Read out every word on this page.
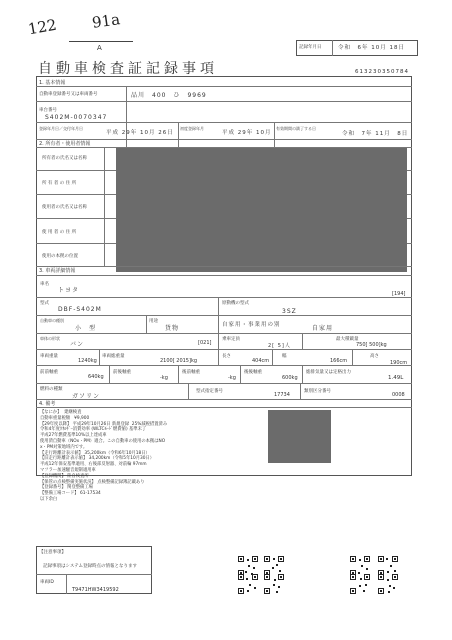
122 91a
A
自動車検査証記録事項
記録年月日	令和　6年 10月 18日
613230350784
1. 基本情報
自動車登録番号又は車両番号	品川　400　ひ　9969
車台番号
S402M-0070347
登録年月日／交付年月日
平成 29年 10月 26日
初度登録年月
平成 29年 10月
有効期間の満了する日
令和　7年 11月　8日
2. 所有者・使用者情報
所有者の氏名又は名称
所 有 者 の 住 所
使用者の氏名又は名称
使 用 者 の 住 所
使用の本拠の位置
3. 車両詳細情報
車名
トヨタ	[194]
型式
DBF-S402M
原動機の型式
3SZ
自動車の種別
小　型
用途
貨物	自家用・事業用の別	自家用
車体の形状
バン	[021]
乗車定員
2[ 5]人
最大積載量
750[ 500]kg
車両重量
1240kg
車両総重量
2100[ 2015]kg
長さ
404cm
幅
166cm
高さ
190cm
前前軸重
640kg
前後軸重
-kg
後前軸重
-kg
後後軸重
600kg
総排気量又は定格出力
1.49L
燃料の種類
ガソリン
型式指定番号
17734
類別区分番号
0008
4. 備考
【なにか】  建継検査
自動車重量税額   ¥9,900
【29年度以降】 平成29年10月26日 新規登録  25%減税措置済み
令和4年度ﾈﾈﾙｷﾞｰ消費効率 (WLTCﾓｰﾄﾞ燃費値) 基準未了
平成27年燃費基準10%以上達成車
使用済自動車（NOx・PM）適合。この自動車の使用の本拠はNO
x・PM対策地域内です。
【走行距離計表示値】 35,200km（令和6年10月18日）
【旧走行距離計表示値】 34,200km（令和5年10月30日）
平成12年保安基準適用、右後部反射器、対前輪 97mm
マフラー加速騒音規制適用車
【登録機関】 陸自検査所
【保管の点検整備実施状況】 点検整備記録簿記載あり
【登録番号】 関登整備工場
【整備工場コード】 61-17534
以下余白
【注意事項】
記録事項はシステム登録時点の情報となります
車両ID
T9471HW3419592
